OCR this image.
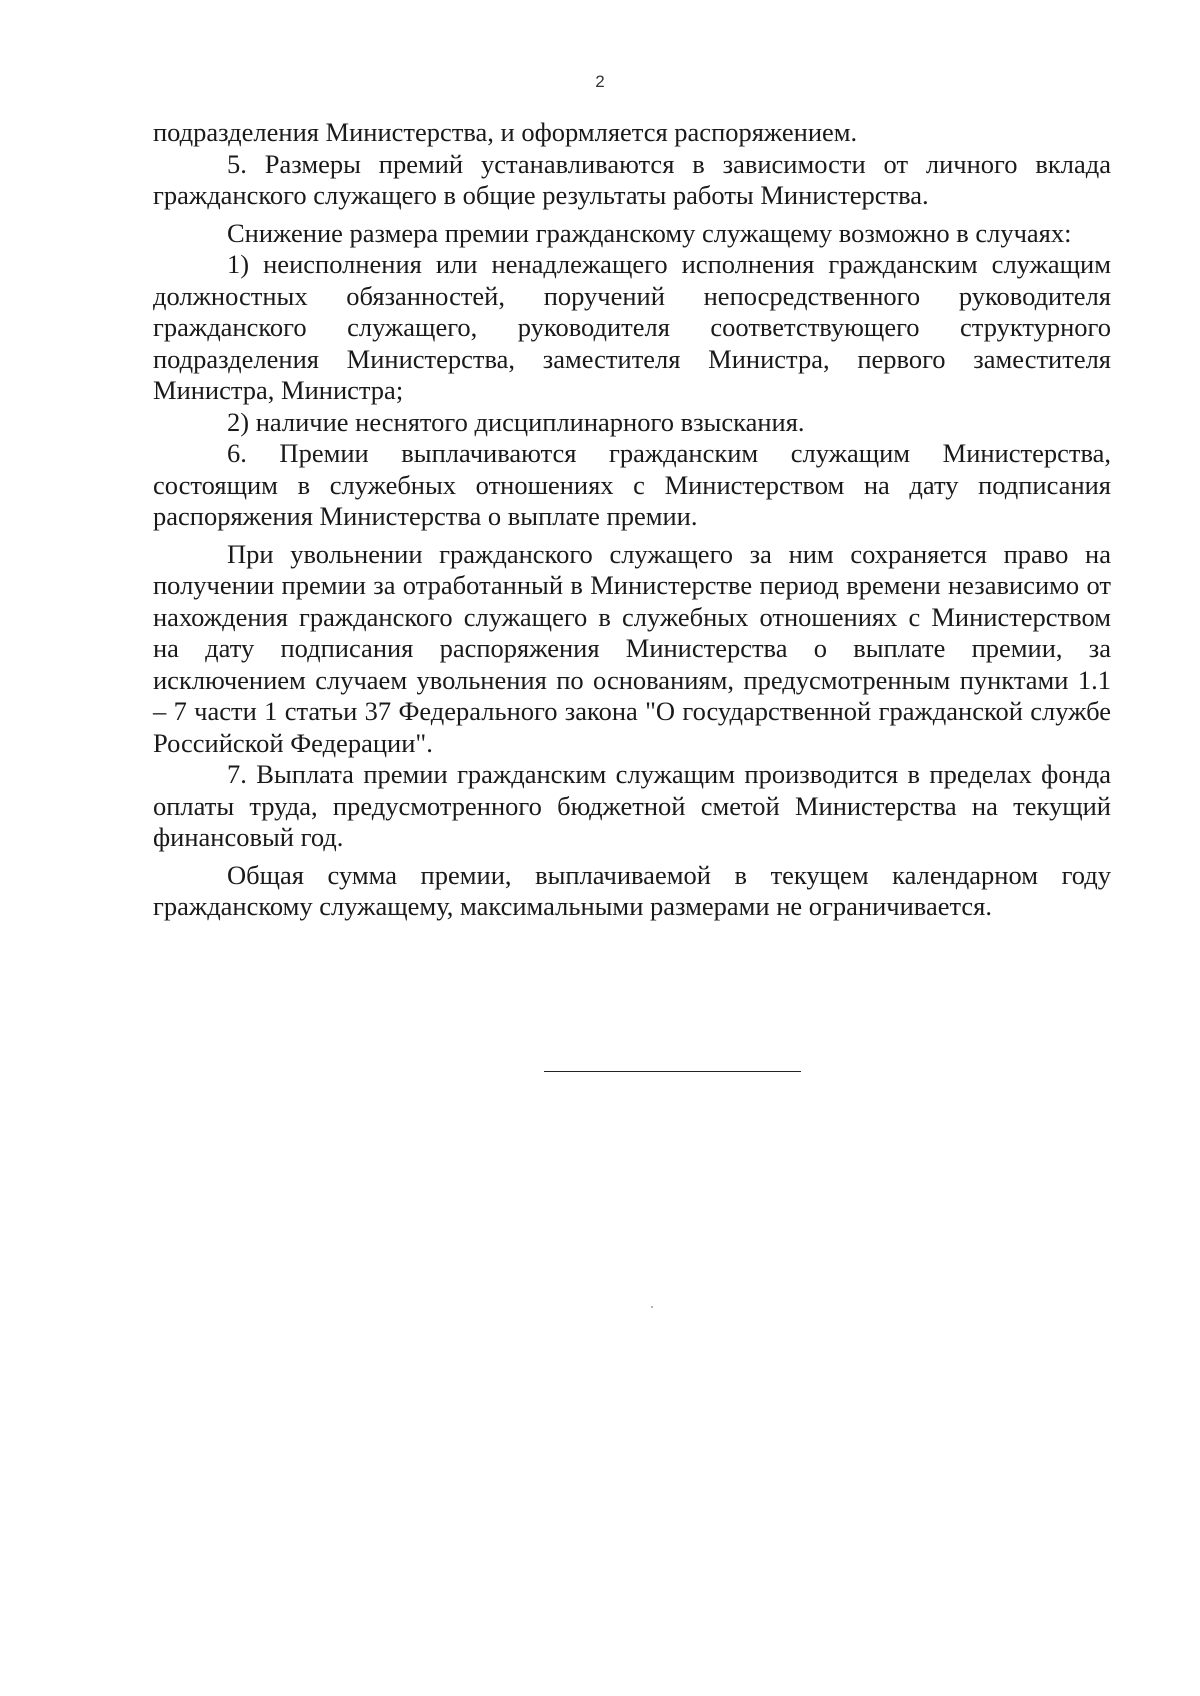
2

подразделения Министерства, и оформляется распоряжением.

5. Размеры премий устанавливаются в зависимости от личного вклада гражданского служащего в общие результаты работы Министерства.

Снижение размера премии гражданскому служащему возможно в случаях:

1) неисполнения или ненадлежащего исполнения гражданским служащим должностных обязанностей, поручений непосредственного руководителя гражданского служащего, руководителя соответствующего структурного подразделения Министерства, заместителя Министра, первого заместителя Министра, Министра;

2) наличие неснятого дисциплинарного взыскания.

6. Премии выплачиваются гражданским служащим Министерства, состоящим в служебных отношениях с Министерством на дату подписания распоряжения Министерства о выплате премии.

При увольнении гражданского служащего за ним сохраняется право на получении премии за отработанный в Министерстве период времени независимо от нахождения гражданского служащего в служебных отношениях с Министерством на дату подписания распоряжения Министерства о выплате премии, за исключением случаем увольнения по основаниям, предусмотренным пунктами 1.1 – 7 части 1 статьи 37 Федерального закона "О государственной гражданской службе Российской Федерации".

7. Выплата премии гражданским служащим производится в пределах фонда оплаты труда, предусмотренного бюджетной сметой Министерства на текущий финансовый год.

Общая сумма премии, выплачиваемой в текущем календарном году гражданскому служащему, максимальными размерами не ограничивается.
